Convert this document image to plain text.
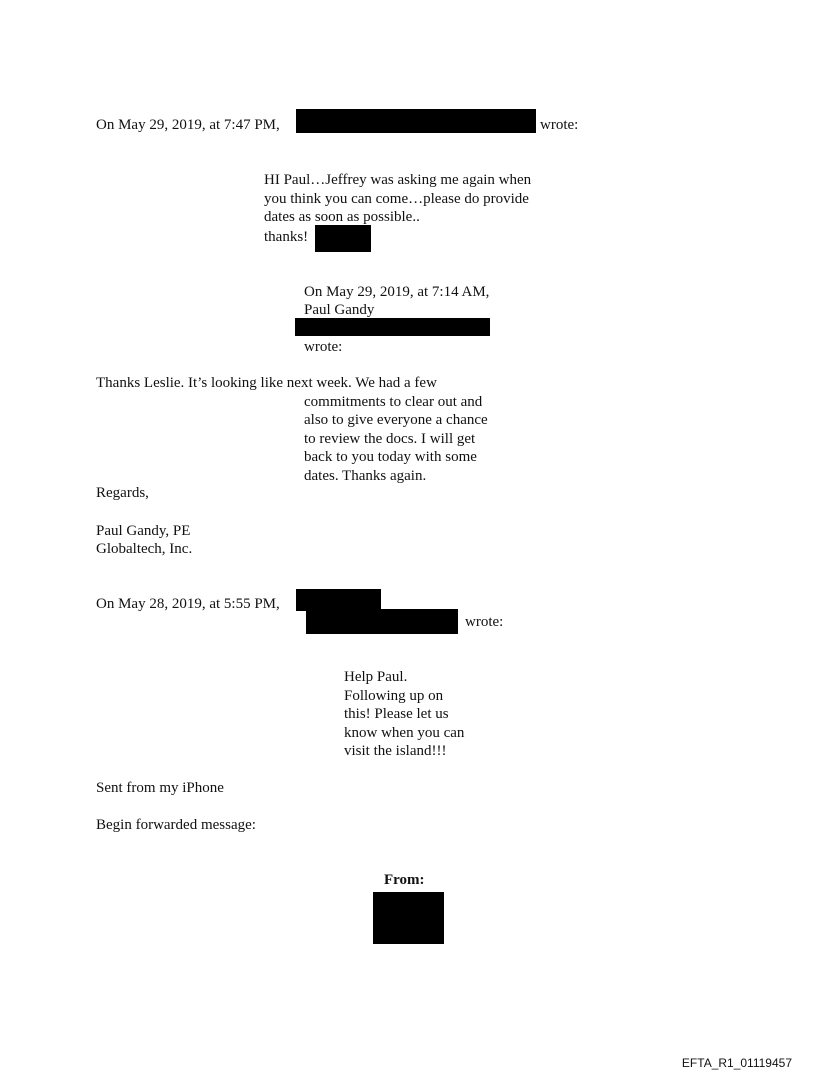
On May 29, 2019, at 7:47 PM,	wrote:
HI Paul…Jeffrey was asking me again when
you think you can come…please do provide
dates as soon as possible..
thanks!
On May 29, 2019, at 7:14 AM,
Paul Gandy
wrote:
Thanks Leslie. It’s looking like next week. We had a few
commitments to clear out and
also to give everyone a chance
to review the docs. I will get
back to you today with some
dates. Thanks again.
Regards,
Paul Gandy, PE
Globaltech, Inc.
On May 28, 2019, at 5:55 PM,
wrote:
Help Paul.
Following up on
this! Please let us
know when you can
visit the island!!!
Sent from my iPhone
Begin forwarded message:
From:
EFTA_R1_01119457
